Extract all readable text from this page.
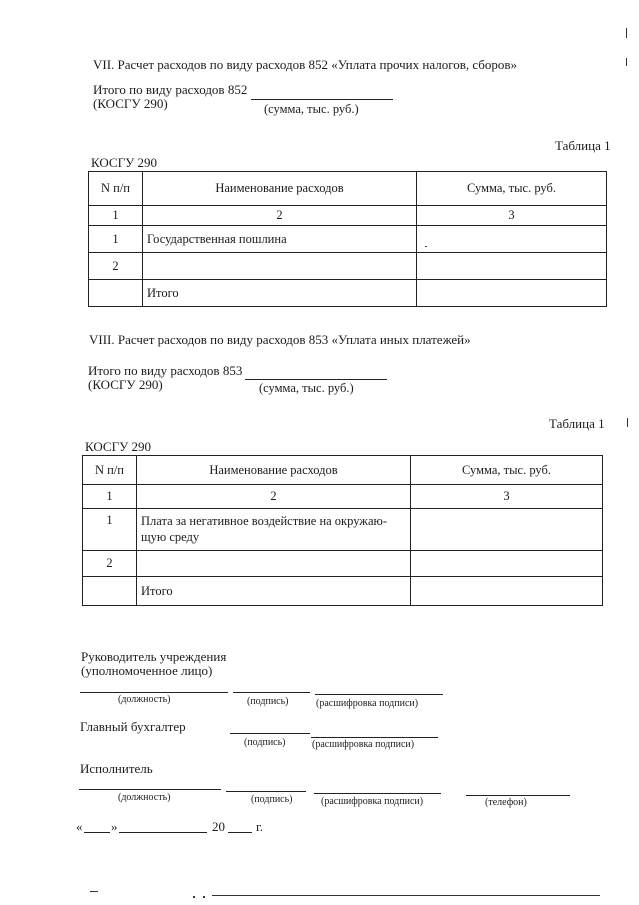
VII. Расчет расходов по виду расходов 852 «Уплата прочих налогов, сборов»
Итого по виду расходов 852
(КОСГУ 290)	(сумма, тыс. руб.)
Таблица 1
КОСГУ 290
N п/п	Наименование расходов	Сумма, тыс. руб.
1	2	3
1	Государственная пошлина	
2		
	Итого	
VIII. Расчет расходов по виду расходов 853 «Уплата иных платежей»
Итого по виду расходов 853
(КОСГУ 290)	(сумма, тыс. руб.)
Таблица 1
КОСГУ 290
N п/п	Наименование расходов	Сумма, тыс. руб.
1	2	3
1	Плата за негативное воздействие на окружаю-
щую среду	

2		
	Итого	
Руководитель учреждения
(уполномоченное лицо)
(должность)	(подпись)	(расшифровка подписи)
Главный бухгалтер
(подпись)	(расшифровка подписи)
Исполнитель
(должность)	(подпись)	(расшифровка подписи)	(телефон)
« »	20 г.
